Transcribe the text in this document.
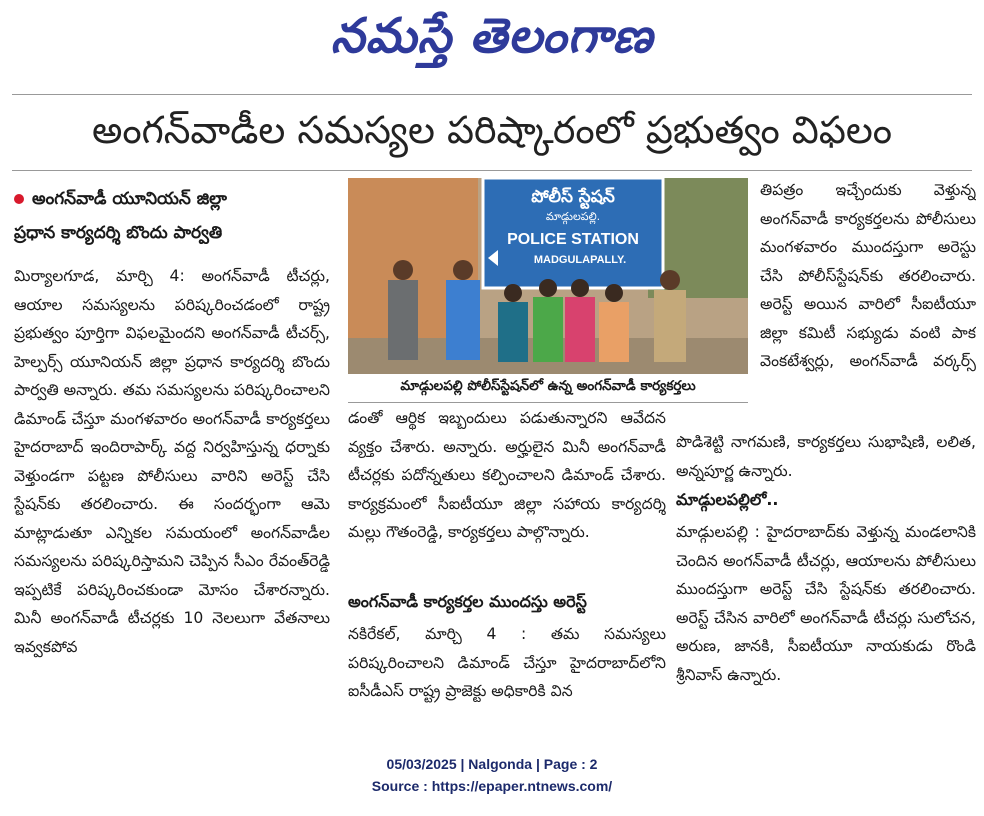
నమస్తే తెలంగాణ
అంగన్‌వాడీల సమస్యల పరిష్కారంలో ప్రభుత్వం విఫలం
అంగన్‌వాడీ యూనియన్ జిల్లా
ప్రధాన కార్యదర్శి బొందు పార్వతి

మిర్యాలగూడ, మార్చి 4: అంగన్‌వాడీ టీచర్లు, ఆయాల సమస్యలను పరిష్కరించడంలో రాష్ట్ర ప్రభుత్వం పూర్తిగా విఫలమైందని అంగన్‌వాడీ టీచర్స్, హెల్పర్స్ యూనియన్ జిల్లా ప్రధాన కార్యదర్శి బొందు పార్వతి అన్నారు. తమ సమస్యలను పరిష్కరించాలని డిమాండ్ చేస్తూ మంగళవారం అంగన్‌వాడీ కార్యకర్తలు హైదరాబాద్ ఇందిరాపార్క్ వద్ద నిర్వహిస్తున్న ధర్నాకు వెళ్తుండగా పట్టణ పోలీసులు వారిని అరెస్ట్ చేసి స్టేషన్‌కు తరలించారు. ఈ సందర్భంగా ఆమె మాట్లాడుతూ ఎన్నికల సమయంలో అంగన్‌వాడీల సమస్యలను పరిష్కరిస్తామని చెప్పిన సీఎం రేవంత్‌రెడ్డి ఇప్పటికే పరిష్కరించకుండా మోసం చేశారన్నారు. మినీ అంగన్‌వాడీ టీచర్లకు 10 నెలలుగా వేతనాలు ఇవ్వకపోవ

పోలీస్ స్టేషన్
మాడ్గులపల్లి.
POLICE STATION
MADGULAPALLY.
మాడ్గులపల్లి పోలీస్‌స్టేషన్‌లో ఉన్న అంగన్‌వాడీ కార్యకర్తలు

డంతో ఆర్థిక ఇబ్బందులు పడుతున్నారని ఆవేదన వ్యక్తం చేశారు. అన్నారు. అర్హులైన మినీ అంగన్‌వాడీ టీచర్లకు పదోన్నతులు కల్పించాలని డిమాండ్ చేశారు. కార్యక్రమంలో సీఐటీయూ జిల్లా సహాయ కార్యదర్శి మల్లు గౌతంరెడ్డి, కార్యకర్తలు పాల్గొన్నారు.

అంగన్‌వాడీ కార్యకర్తల ముందస్తు అరెస్ట్

నకిరేకల్, మార్చి 4 : తమ సమస్యలు పరిష్కరించాలని డిమాండ్ చేస్తూ హైదరాబాద్‌లోని ఐసీడీఎస్ రాష్ట్ర ప్రాజెక్టు అధికారికి విన

తిపత్రం ఇచ్చేందుకు వెళ్తున్న అంగన్‌వాడీ కార్యకర్తలను పోలీసులు మంగళవారం ముందస్తుగా అరెస్టు చేసి పోలీస్‌స్టేషన్‌కు తరలించారు. అరెస్ట్ అయిన వారిలో సీఐటీయూ జిల్లా కమిటీ సభ్యుడు వంటి పాక వెంకటేశ్వర్లు, అంగన్‌వాడీ వర్కర్స్

పొడిశెట్టి నాగమణి, కార్యకర్తలు సుభాషిణి, లలిత, అన్నపూర్ణ ఉన్నారు.

మాడ్గులపల్లిలో..

మాడ్గులపల్లి : హైదరాబాద్‌కు వెళ్తున్న మండలానికి చెందిన అంగన్‌వాడీ టీచర్లు, ఆయాలను పోలీసులు ముందస్తుగా అరెస్ట్ చేసి స్టేషన్‌కు తరలించారు. అరెస్ట్ చేసిన వారిలో అంగన్‌వాడీ టీచర్లు సులోచన, అరుణ, జానకి, సీఐటీయూ నాయకుడు రొండి శ్రీనివాస్ ఉన్నారు.

05/03/2025 | Nalgonda | Page : 2
Source : https://epaper.ntnews.com/
